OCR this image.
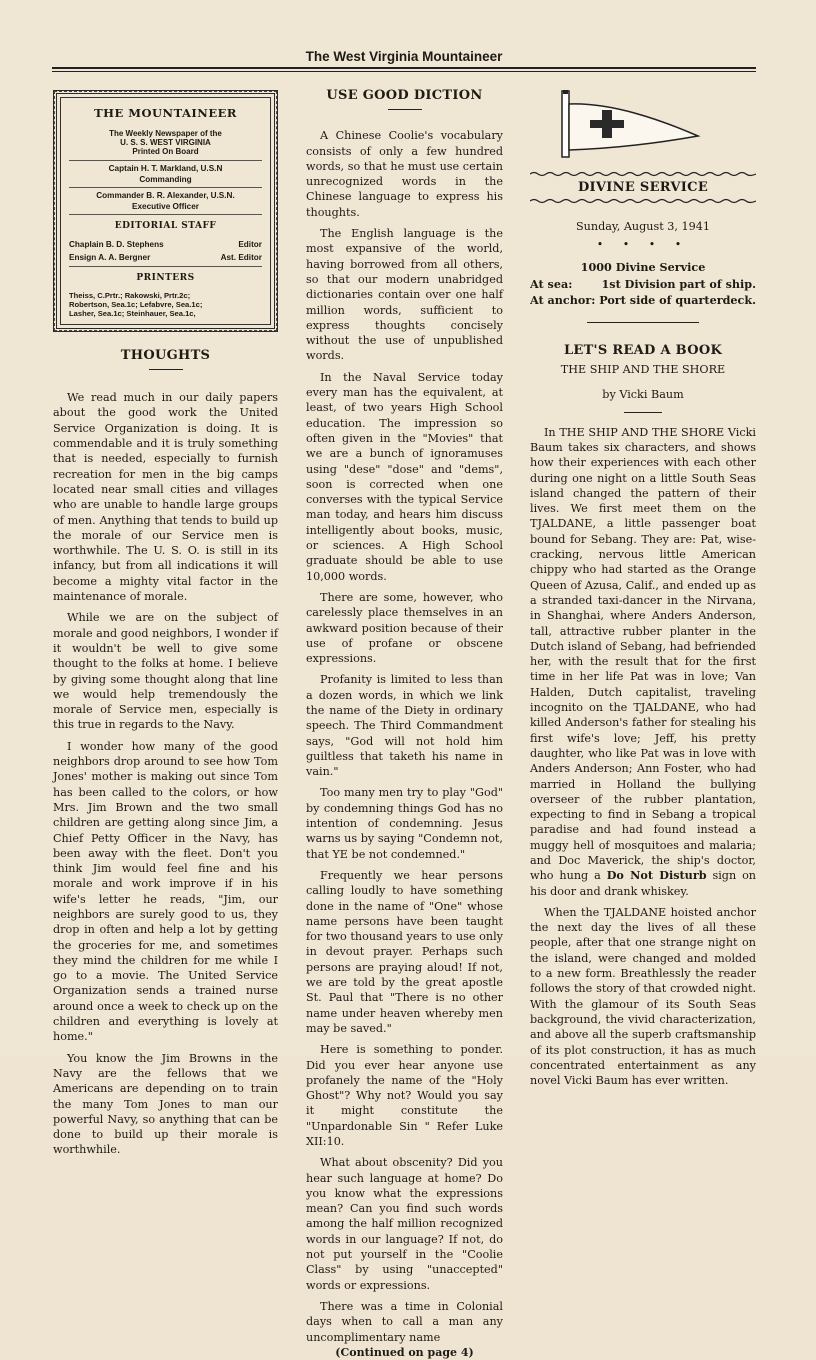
The West Virginia Mountaineer
THE MOUNTAINEER
The Weekly Newspaper of the
U. S. S. WEST VIRGINIA
Printed On Board
Captain H. T. Markland, U.S.N
Commanding
Commander B. R. Alexander, U.S.N.
Executive Officer
EDITORIAL STAFF
Chaplain B. D. Stephens	Editor
Ensign A. A. Bergner	Ast. Editor
PRINTERS
Theiss, C.Prtr.; Rakowski, Prtr.2c;
Robertson, Sea.1c; Lefabvre, Sea.1c;
Lasher, Sea.1c; Steinhauer, Sea.1c,
THOUGHTS

We read much in our daily papers about the good work the United Service Organization is doing. It is commendable and it is truly something that is needed, especially to furnish recreation for men in the big camps located near small cities and villages who are unable to handle large groups of men. Anything that tends to build up the morale of our Service men is worthwhile. The U. S. O. is still in its infancy, but from all indications it will become a mighty vital factor in the maintenance of morale.

While we are on the subject of morale and good neighbors, I wonder if it wouldn't be well to give some thought to the folks at home. I believe by giving some thought along that line we would help tremendously the morale of Service men, especially is this true in regards to the Navy.

I wonder how many of the good neighbors drop around to see how Tom Jones' mother is making out since Tom has been called to the colors, or how Mrs. Jim Brown and the two small children are getting along since Jim, a Chief Petty Officer in the Navy, has been away with the fleet. Don't you think Jim would feel fine and his morale and work improve if in his wife's letter he reads, "Jim, our neighbors are surely good to us, they drop in often and help a lot by getting the groceries for me, and sometimes they mind the children for me while I go to a movie. The United Service Organization sends a trained nurse around once a week to check up on the children and everything is lovely at home."

You know the Jim Browns in the Navy are the fellows that we Americans are depending on to train the many Tom Jones to man our powerful Navy, so anything that can be done to build up their morale is worthwhile.

USE GOOD DICTION

A Chinese Coolie's vocabulary consists of only a few hundred words, so that he must use certain unrecognized words in the Chinese language to express his thoughts.

The English language is the most expansive of the world, having borrowed from all others, so that our modern unabridged dictionaries contain over one half million words, sufficient to express thoughts concisely without the use of unpublished words.

In the Naval Service today every man has the equivalent, at least, of two years High School education. The impression so often given in the "Movies" that we are a bunch of ignoramuses using "dese" "dose" and "dems", soon is corrected when one converses with the typical Service man today, and hears him discuss intelligently about books, music, or sciences. A High School graduate should be able to use 10,000 words.

There are some, however, who carelessly place themselves in an awkward position because of their use of profane or obscene expressions.

Profanity is limited to less than a dozen words, in which we link the name of the Diety in ordinary speech. The Third Commandment says, "God will not hold him guiltless that taketh his name in vain."

Too many men try to play "God" by condemning things God has no intention of condemning. Jesus warns us by saying "Condemn not, that YE be not condemned."

Frequently we hear persons calling loudly to have something done in the name of "One" whose name persons have been taught for two thousand years to use only in devout prayer. Perhaps such persons are praying aloud! If not, we are told by the great apostle St. Paul that "There is no other name under heaven whereby men may be saved."

Here is something to ponder. Did you ever hear anyone use profanely the name of the "Holy Ghost"? Why not? Would you say it might constitute the "Unpardonable Sin " Refer Luke XII:10.

What about obscenity? Did you hear such language at home? Do you know what the expressions mean? Can you find such words among the half million recognized words in our language? If not, do not put yourself in the "Coolie Class" by using "unaccepted" words or expressions.

There was a time in Colonial days when to call a man any uncomplimentary name

(Continued on page 4)
DIVINE SERVICE
Sunday, August 3, 1941
• • • •
1000 Divine Service
At sea:	1st Division part of ship.
At anchor: Port side of quarterdeck.
LET'S READ A BOOK
THE SHIP AND THE SHORE
by Vicki Baum

In THE SHIP AND THE SHORE Vicki Baum takes six characters, and shows how their experiences with each other during one night on a little South Seas island changed the pattern of their lives. We first meet them on the TJALDANE, a little passenger boat bound for Sebang. They are: Pat, wise-cracking, nervous little American chippy who had started as the Orange Queen of Azusa, Calif., and ended up as a stranded taxi-dancer in the Nirvana, in Shanghai, where Anders Anderson, tall, attractive rubber planter in the Dutch island of Sebang, had befriended her, with the result that for the first time in her life Pat was in love; Van Halden, Dutch capitalist, traveling incognito on the TJALDANE, who had killed Anderson's father for stealing his first wife's love; Jeff, his pretty daughter, who like Pat was in love with Anders Anderson; Ann Foster, who had married in Holland the bullying overseer of the rubber plantation, expecting to find in Sebang a tropical paradise and had found instead a muggy hell of mosquitoes and malaria; and Doc Maverick, the ship's doctor, who hung a Do Not Disturb sign on his door and drank whiskey.

When the TJALDANE hoisted anchor the next day the lives of all these people, after that one strange night on the island, were changed and molded to a new form. Breathlessly the reader follows the story of that crowded night. With the glamour of its South Seas background, the vivid characterization, and above all the superb craftsmanship of its plot construction, it has as much concentrated entertainment as any novel Vicki Baum has ever written.
